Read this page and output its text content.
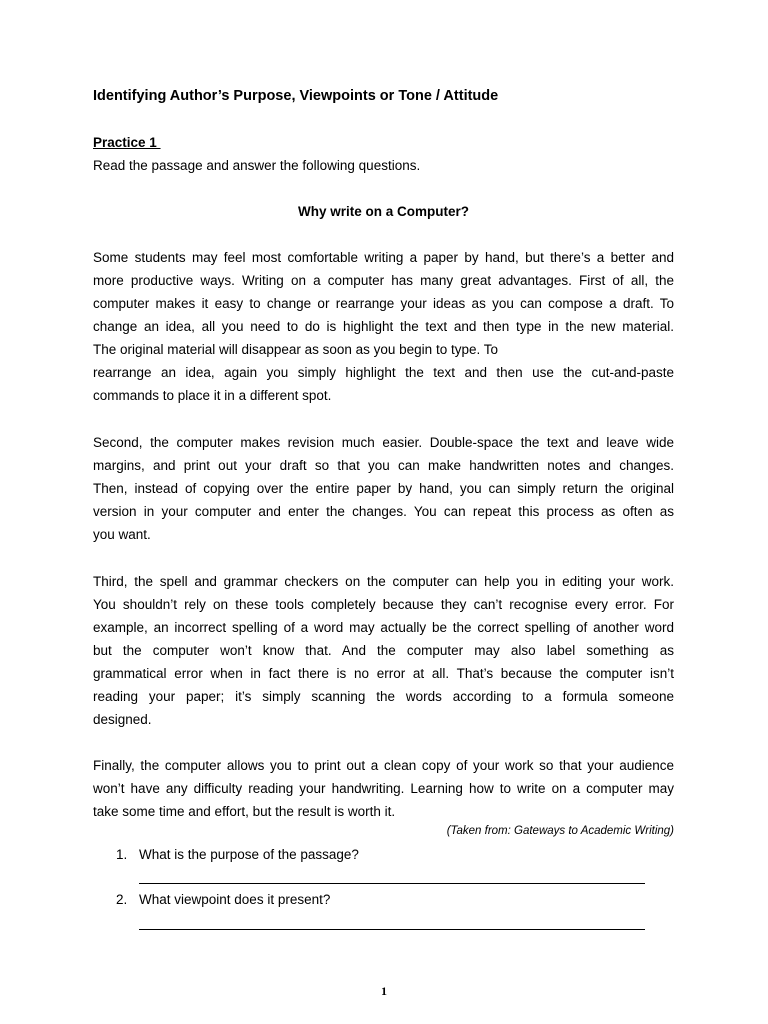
Identifying Author’s Purpose, Viewpoints or Tone / Attitude
Practice 1
Read the passage and answer the following questions.
Why write on a Computer?

Some students may feel most comfortable writing a paper by hand, but there’s a better and
more productive ways. Writing on a computer has many great advantages. First of all, the
computer makes it easy to change or rearrange your ideas as you can compose a draft. To
change an idea, all you need to do is highlight the text and then type in the new material.
The original material will disappear as soon as you begin to type. To
rearrange an idea, again you simply highlight the text and then use the cut-and-paste
commands to place it in a different spot.

Second, the computer makes revision much easier. Double-space the text and leave wide
margins, and print out your draft so that you can make handwritten notes and changes.
Then, instead of copying over the entire paper by hand, you can simply return the original
version in your computer and enter the changes. You can repeat this process as often as
you want.

Third, the spell and grammar checkers on the computer can help you in editing your work.
You shouldn’t rely on these tools completely because they can’t recognise every error. For
example, an incorrect spelling of a word may actually be the correct spelling of another word
but the computer won’t know that. And the computer may also label something as
grammatical error when in fact there is no error at all. That’s because the computer isn’t
reading your paper; it’s simply scanning the words according to a formula someone
designed.

Finally, the computer allows you to print out a clean copy of your work so that your audience
won’t have any difficulty reading your handwriting. Learning how to write on a computer may
take some time and effort, but the result is worth it.

(Taken from: Gateways to Academic Writing)
1. What is the purpose of the passage?
2. What viewpoint does it present?
1
